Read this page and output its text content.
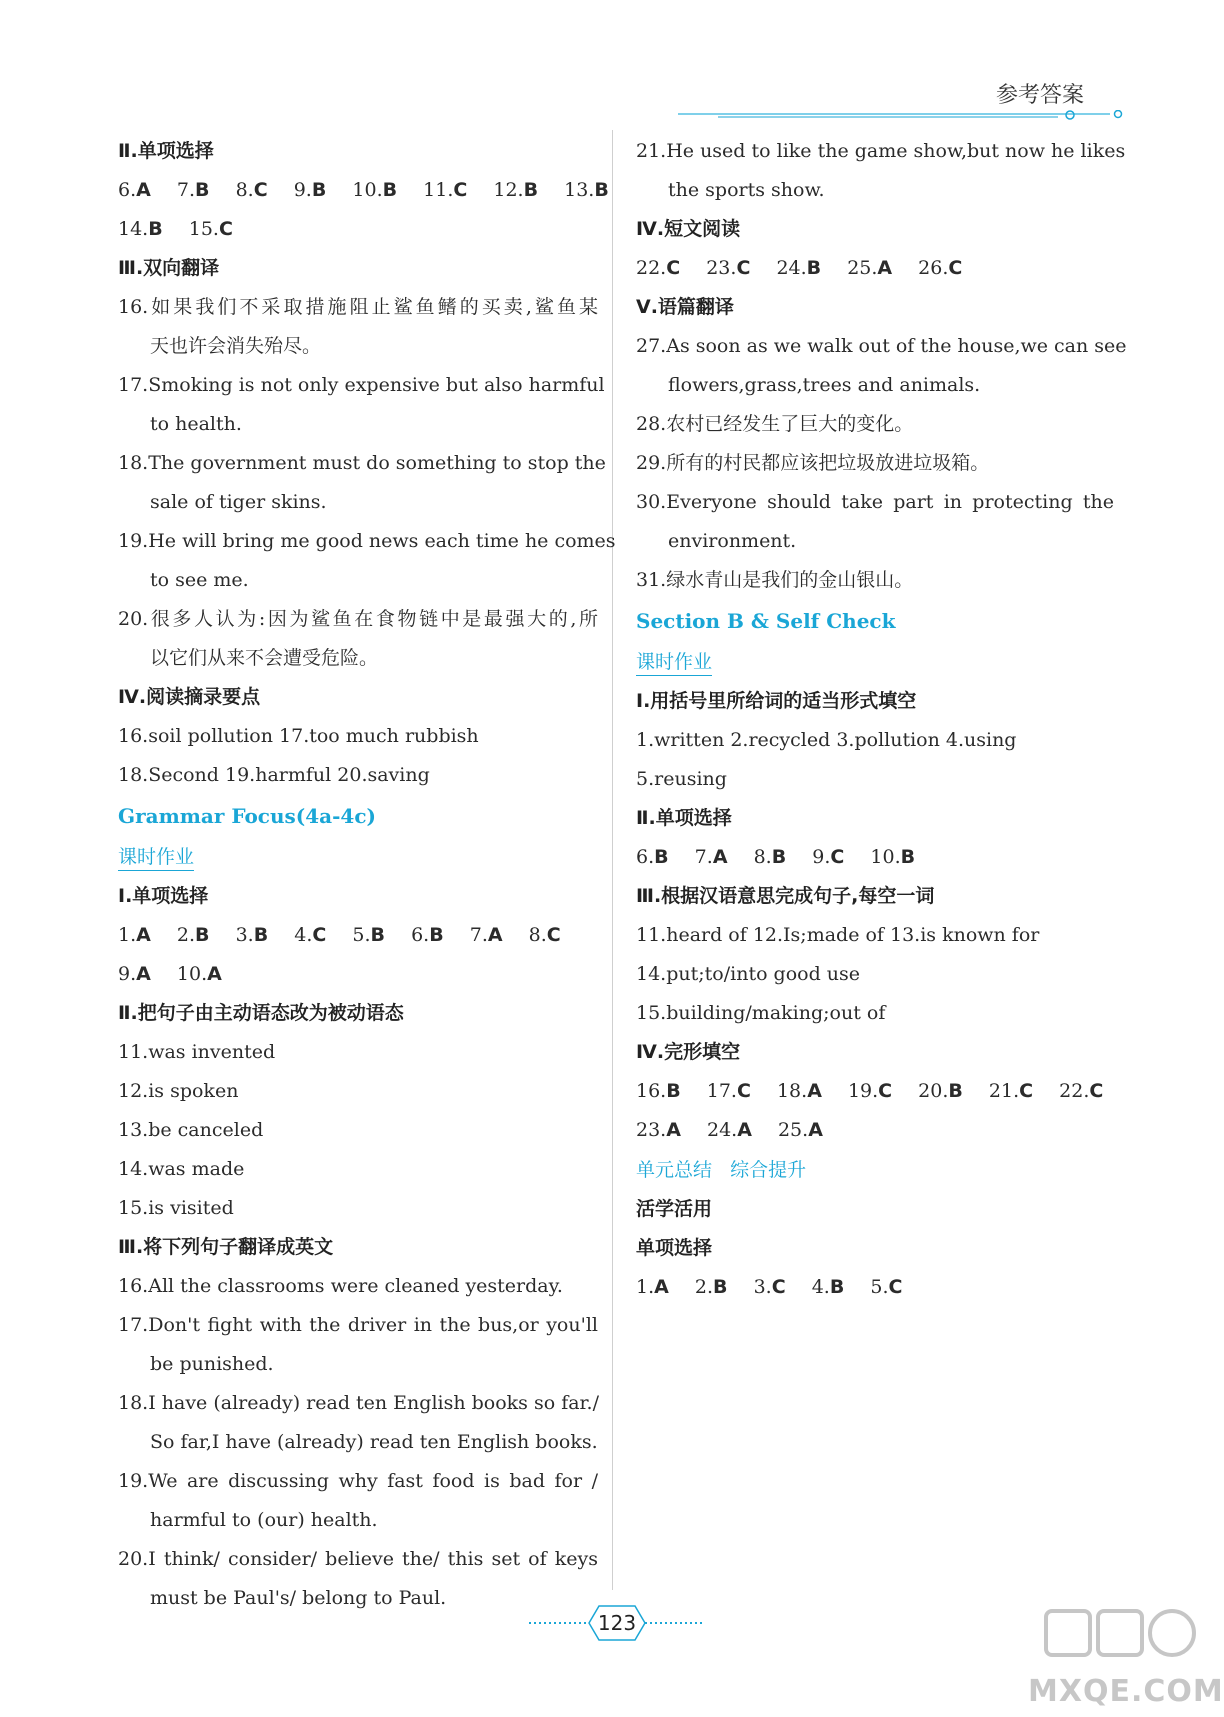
参考答案
Ⅱ.单项选择
6.A 7.B 8.C 9.B 10.B 11.C 12.B 13.B
14.B 15.C
Ⅲ.双向翻译
16.如果我们不采取措施阻止鲨鱼鳍的买卖,鲨鱼某
天也许会消失殆尽。
17.Smoking is not only expensive but also harmful
to health.
18.The government must do something to stop the
sale of tiger skins.
19.He will bring me good news each time he comes
to see me.
20.很多人认为:因为鲨鱼在食物链中是最强大的,所
以它们从来不会遭受危险。
Ⅳ.阅读摘录要点
16.soil pollution 17.too much rubbish
18.Second 19.harmful 20.saving
Grammar Focus(4a-4c)
课时作业
Ⅰ.单项选择
1.A 2.B 3.B 4.C 5.B 6.B 7.A 8.C
9.A 10.A
Ⅱ.把句子由主动语态改为被动语态
11.was invented
12.is spoken
13.be canceled
14.was made
15.is visited
Ⅲ.将下列句子翻译成英文
16.All the classrooms were cleaned yesterday.
17.Don't fight with the driver in the bus,or you'll
be punished.
18.I have (already) read ten English books so far./
So far,I have (already) read ten English books.
19.We are discussing why fast food is bad for /
harmful to (our) health.
20.I think/ consider/ believe the/ this set of keys
must be Paul's/ belong to Paul.
21.He used to like the game show,but now he likes
the sports show.
Ⅳ.短文阅读
22.C 23.C 24.B 25.A 26.C
Ⅴ.语篇翻译
27.As soon as we walk out of the house,we can see
flowers,grass,trees and animals.
28.农村已经发生了巨大的变化。
29.所有的村民都应该把垃圾放进垃圾箱。
30.Everyone should take part in protecting the
environment.
31.绿水青山是我们的金山银山。
Section B & Self Check
课时作业
Ⅰ.用括号里所给词的适当形式填空
1.written 2.recycled 3.pollution 4.using
5.reusing
Ⅱ.单项选择
6.B 7.A 8.B 9.C 10.B
Ⅲ.根据汉语意思完成句子,每空一词
11.heard of 12.Is;made of 13.is known for
14.put;to/into good use
15.building/making;out of
Ⅳ.完形填空
16.B 17.C 18.A 19.C 20.B 21.C 22.C
23.A 24.A 25.A
单元总结   综合提升
活学活用
单项选择
1.A 2.B 3.C 4.B 5.C
123
MXQE.COM
